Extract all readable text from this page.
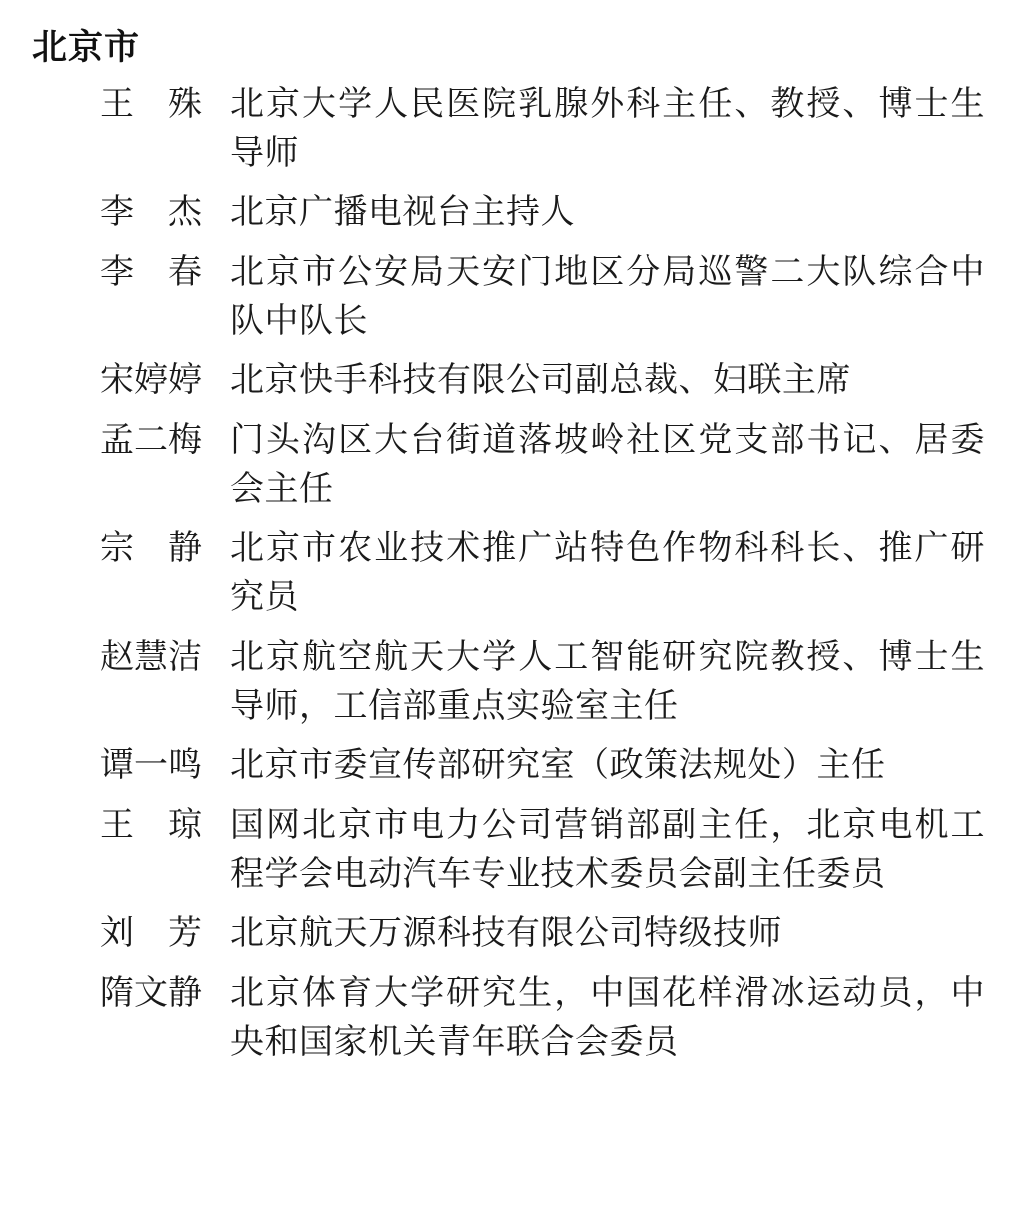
北京市
王　殊 北京大学人民医院乳腺外科主任、教授、博士生导师
李　杰 北京广播电视台主持人
李　春 北京市公安局天安门地区分局巡警二大队综合中队中队长
宋婷婷 北京快手科技有限公司副总裁、妇联主席
孟二梅 门头沟区大台街道落坡岭社区党支部书记、居委会主任
宗　静 北京市农业技术推广站特色作物科科长、推广研究员
赵慧洁 北京航空航天大学人工智能研究院教授、博士生导师，工信部重点实验室主任
谭一鸣 北京市委宣传部研究室（政策法规处）主任
王　琼 国网北京市电力公司营销部副主任，北京电机工程学会电动汽车专业技术委员会副主任委员
刘　芳 北京航天万源科技有限公司特级技师
隋文静 北京体育大学研究生，中国花样滑冰运动员，中央和国家机关青年联合会委员
